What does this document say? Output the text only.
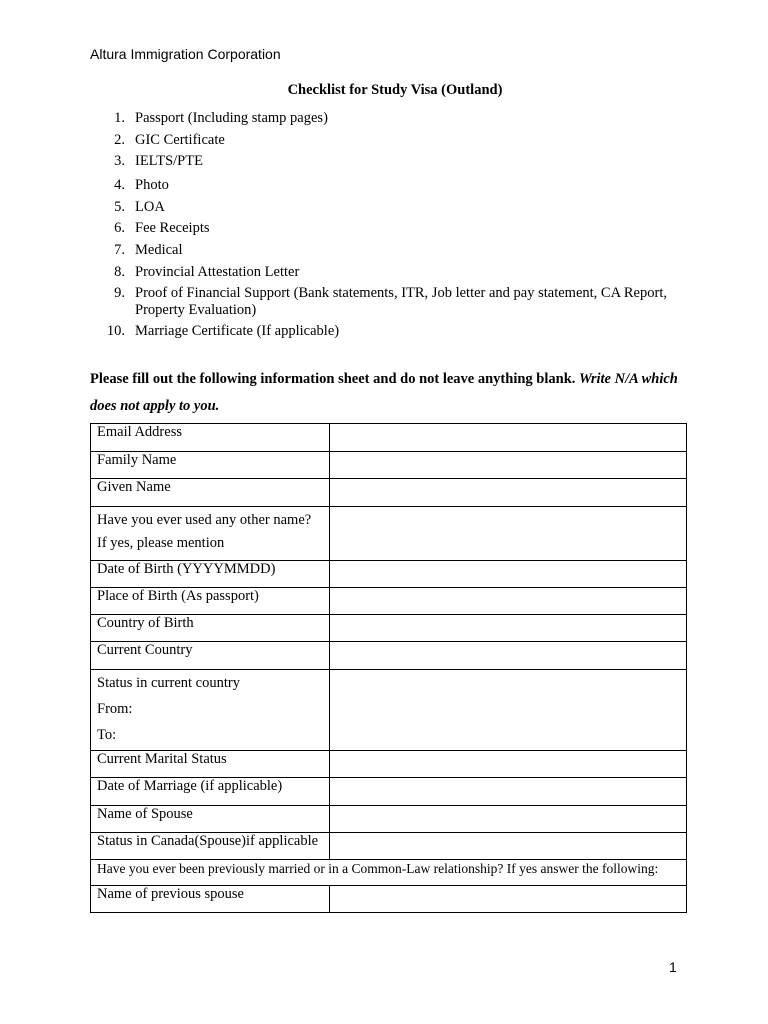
Altura Immigration Corporation
Checklist for Study Visa (Outland)
1. Passport (Including stamp pages)
2. GIC Certificate
3. IELTS/PTE
4. Photo
5. LOA
6. Fee Receipts
7. Medical
8. Provincial Attestation Letter
9. Proof of Financial Support (Bank statements, ITR, Job letter and pay statement, CA Report, Property Evaluation)
10. Marriage Certificate (If applicable)
Please fill out the following information sheet and do not leave anything blank. Write N/A which does not apply to you.
Email Address	
Family Name	
Given Name	

Have you ever used any other name?
If yes, please mention	

Date of Birth (YYYYMMDD)	
Place of Birth (As passport)	
Country of Birth	
Current Country	

Status in current country
From:
To:	

Current Marital Status	
Date of Marriage (if applicable)	
Name of Spouse	
Status in Canada(Spouse)if applicable	
Have you ever been previously married or in a Common-Law relationship? If yes answer the following:	
Name of previous spouse	
1
